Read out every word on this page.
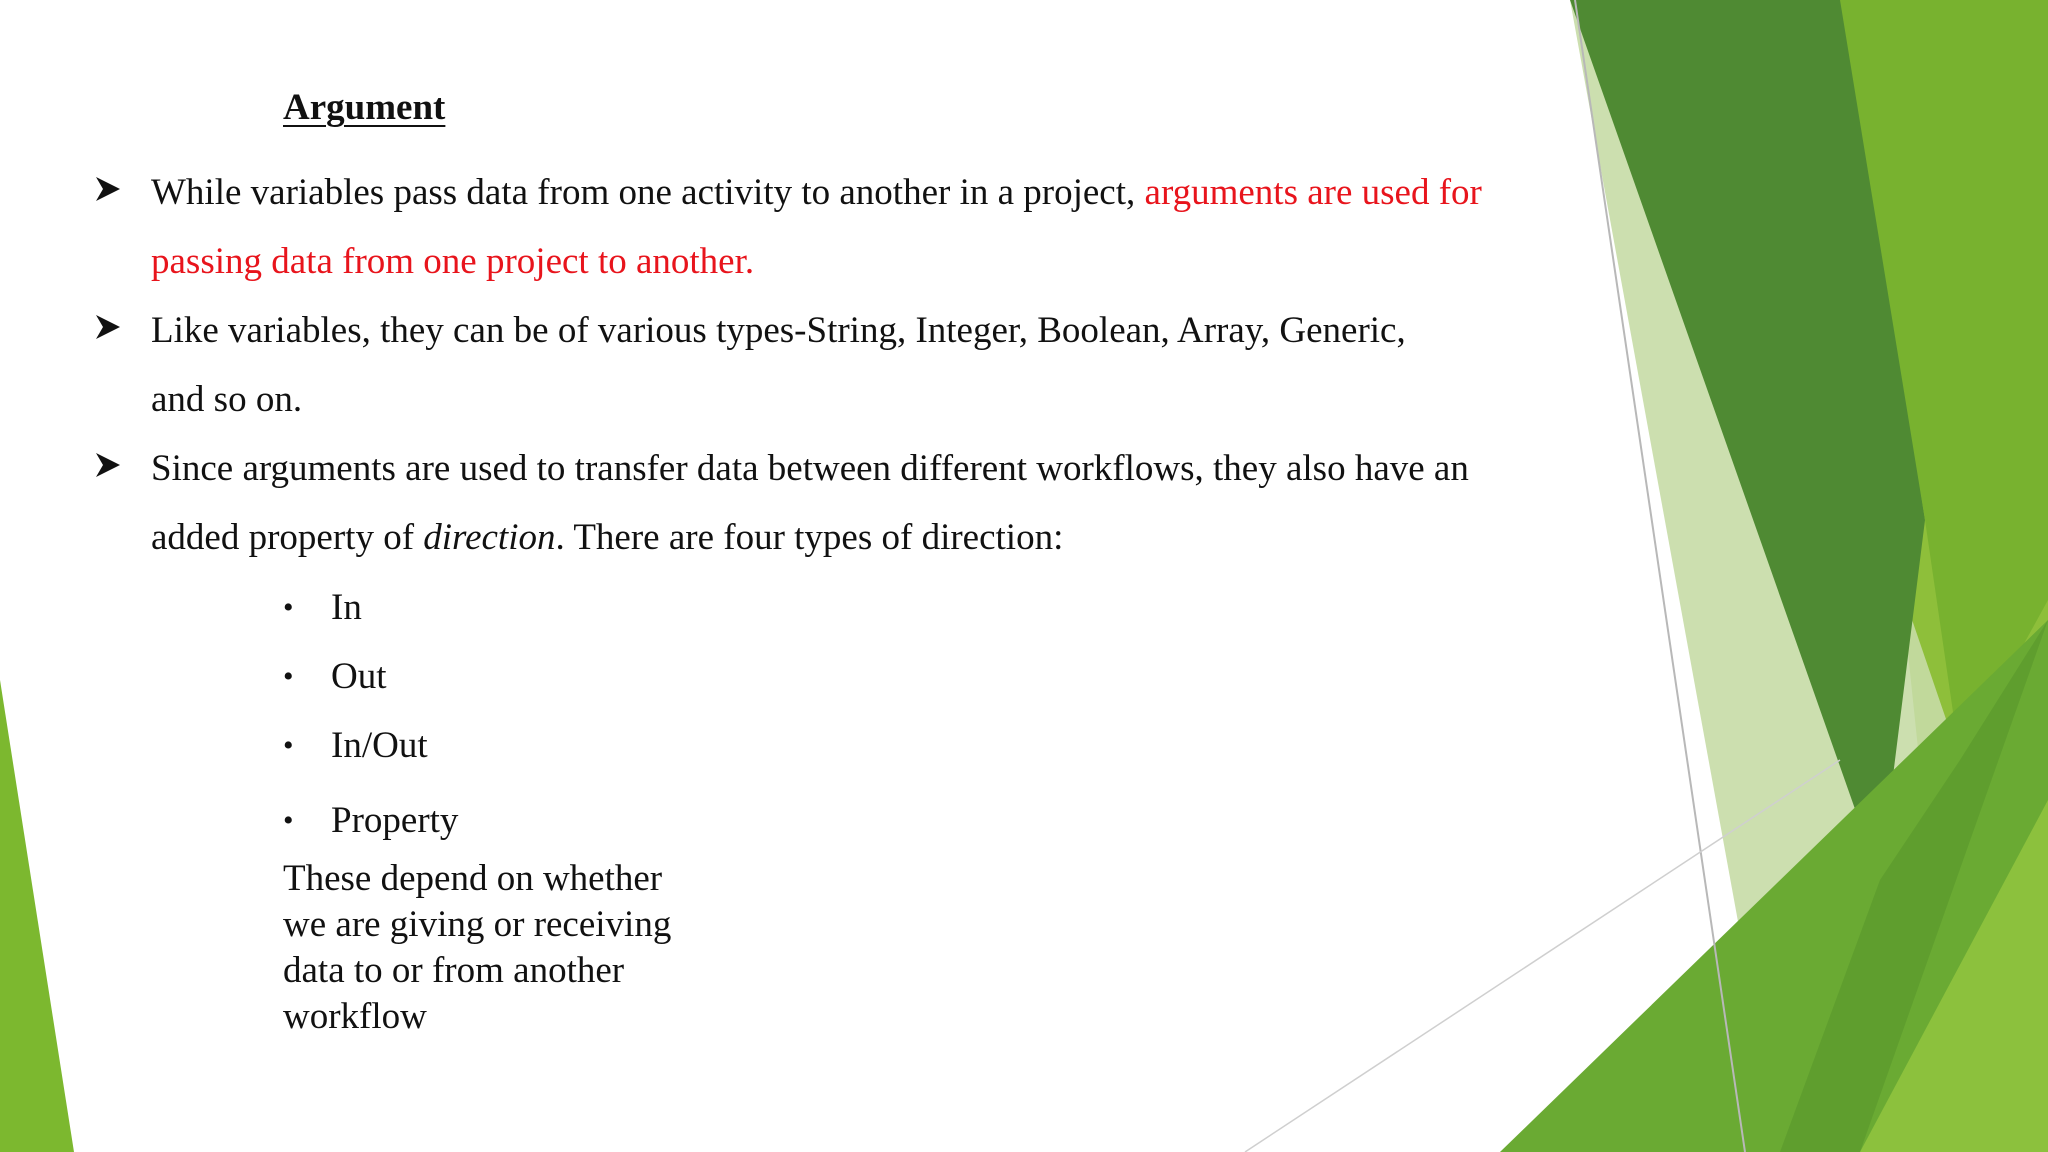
Argument
While variables pass data from one activity to another in a project, arguments are used for
passing data from one project to another.
Like variables, they can be of various types-String, Integer, Boolean, Array, Generic,
and so on.
Since arguments are used to transfer data between different workflows, they also have an
added property of direction. There are four types of direction:
• In
• Out
• In/Out
• Property
These depend on whether
we are giving or receiving
data to or from another
workflow
